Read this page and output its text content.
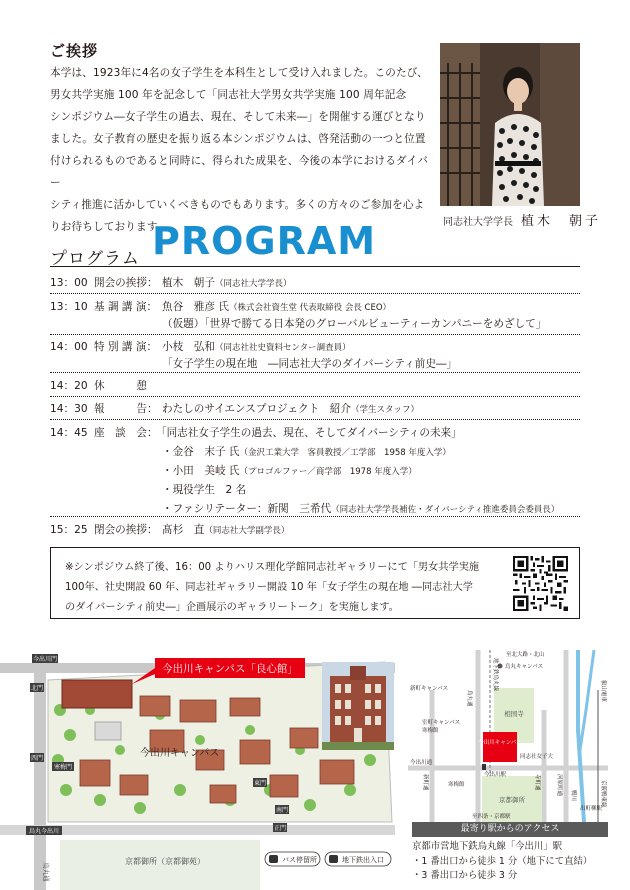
ご挨拶
本学は、1923年に4名の女子学生を本科生として受け入れました。このたび、
男女共学実施 100 年を記念して「同志社大学男女共学実施 100 周年記念
シンポジウム―女子学生の過去、現在、そして未来―」を開催する運びとなり
ました。女子教育の歴史を振り返る本シンポジウムは、啓発活動の一つと位置
付けられるものであると同時に、得られた成果を、今後の本学におけるダイバー
シティ推進に活かしていくべきものでもあります。多くの方々のご参加を心よ
りお待ちしております。	同志社大学学長 植木　朝子
プログラム PROGRAM
13：00 開会の挨拶： 植木　朝子（同志社大学学長）
13：10 基 調 講 演： 魚谷　雅彦 氏（株式会社資生堂 代表取締役 会長 CEO）
（仮題）「世界で勝てる日本発のグローバルビューティーカンパニーをめざして」
14：00 特 別 講 演： 小枝　弘和（同志社社史資料センター調査員）
「女子学生の現在地　―同志社大学のダイバーシティ前史―」
14：20 休　　　憩
14：30 報　　　告： わたしのサイエンスプロジェクト　紹介（学生スタッフ）
14：45 座　談　会：
「同志社女子学生の過去、現在、そしてダイバーシティの未来」
・金谷　末子 氏（金沢工業大学　客員教授／工学部　1958 年度入学）
・小田　美岐 氏（プロゴルファー／商学部　1978 年度入学）
・現役学生　2 名
・ファシリテーター：新関　三希代（同志社大学学長補佐・ダイバーシティ推進委員会委員長）
15：25 閉会の挨拶： 髙杉　直（同志社大学副学長）
※シンポジウム終了後、16：00 よりハリス理化学館同志社ギャラリーにて「男女共学実施
100年、社史開設 60 年、同志社ギャラリー開設 10 年「女子学生の現在地 ―同志社大学
のダイバーシティ前史―」企画展示のギャラリートーク」を実施します。
今出川キャンパス「良心館」
今出川キャンパス
今出川門
北門
西門
寒梅門
南門
東門
正門
烏丸今出川
烏丸通
京都御所（京都御苑）	バス停留所	地下鉄出入口
相国寺
今出川キャンパス
京都御所
至北大路・北山
烏丸キャンパス
新町キャンパス
室町キャンパス
寒梅館
同志社女子大
今出川通
今出川駅
寒梅館
至四条・京都駅
出町柳駅
烏丸通
地下鉄烏丸線
新町通	寺町通	河原町通	鴨川	京阪鴨東線
叡山電車
最寄り駅からのアクセス
京都市営地下鉄烏丸線「今出川」駅
・1 番出口から徒歩 1 分（地下にて直結）
・3 番出口から徒歩 3 分
